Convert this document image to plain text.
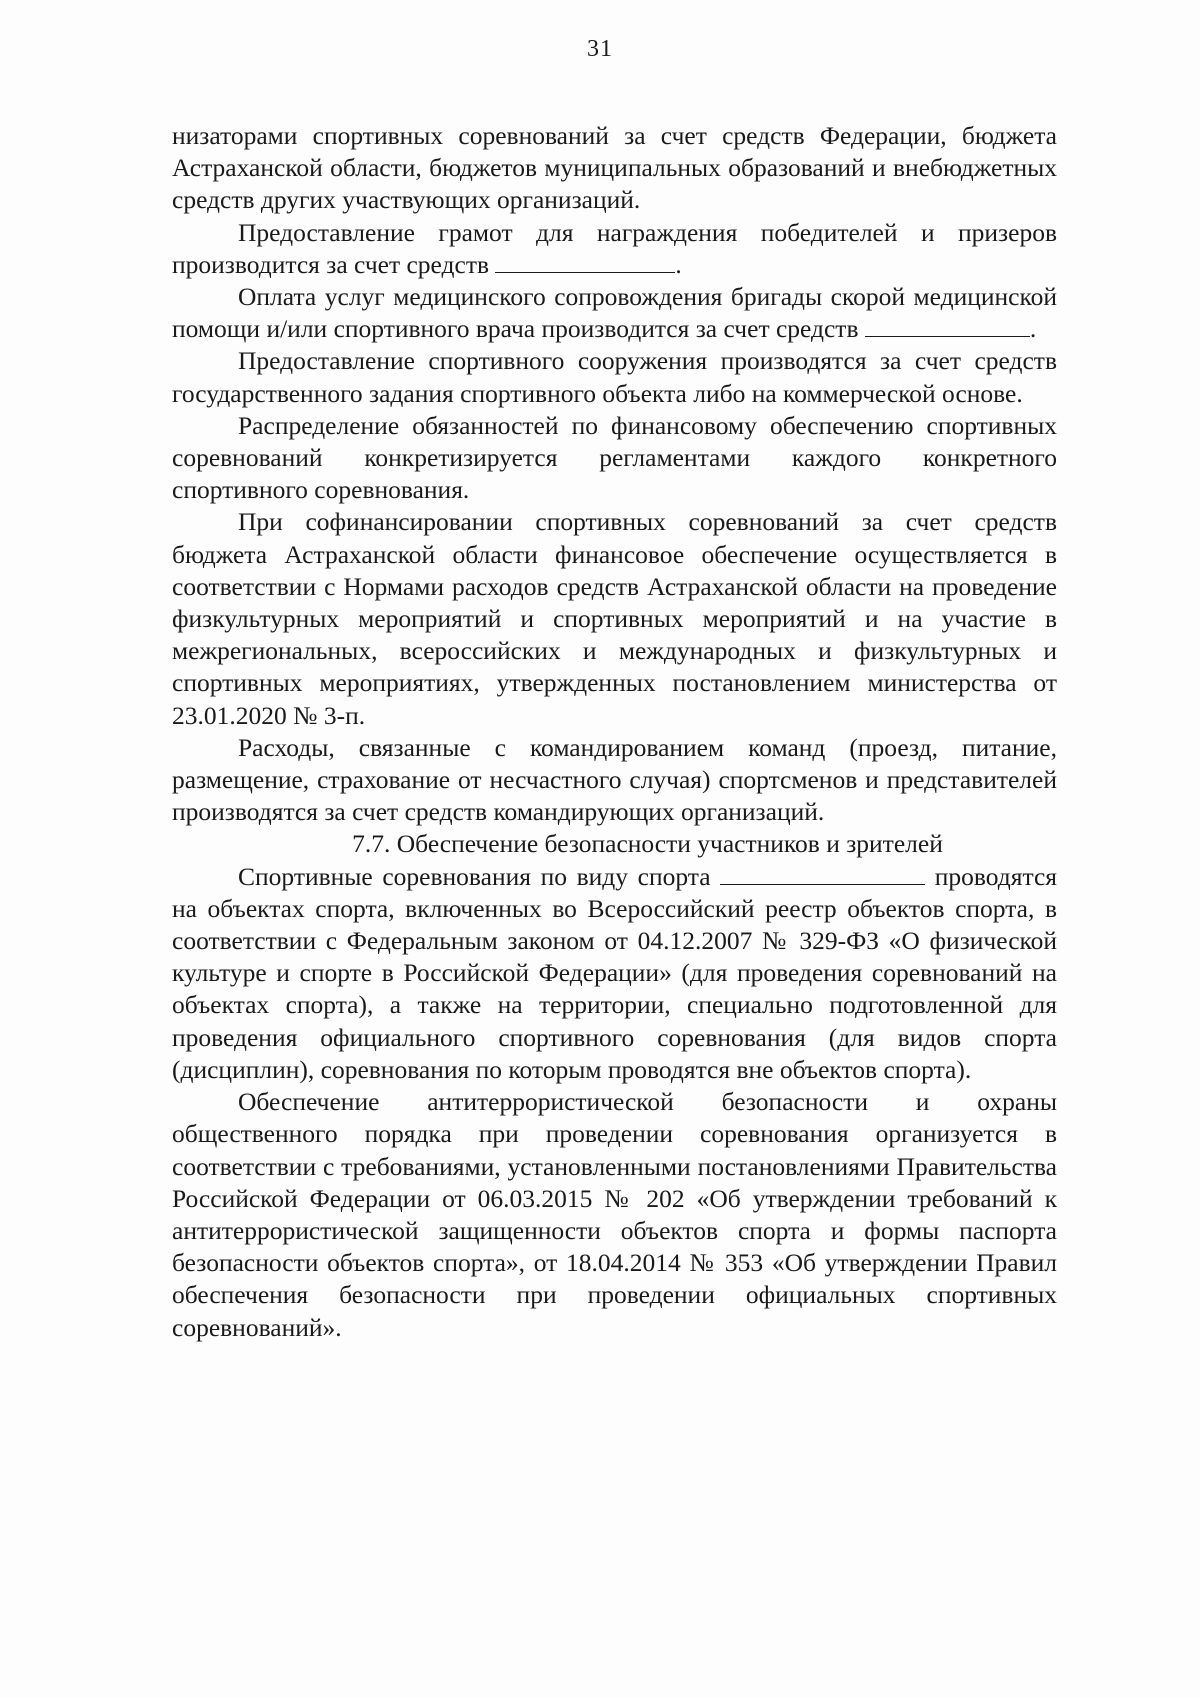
31

низаторами спортивных соревнований за счет средств Федерации, бюджета Астраханской области, бюджетов муниципальных образований и внебюджетных средств других участвующих организаций.

Предоставление грамот для награждения победителей и призеров производится за счет средств	.

Оплата услуг медицинского сопровождения бригады скорой медицинской помощи и/или спортивного врача производится за счет средств	.

Предоставление спортивного сооружения производятся за счет средств государственного задания спортивного объекта либо на коммерческой основе.

Распределение обязанностей по финансовому обеспечению спортивных соревнований конкретизируется регламентами каждого конкретного спортивного соревнования.

При софинансировании спортивных соревнований за счет средств бюджета Астраханской области финансовое обеспечение осуществляется в соответствии с Нормами расходов средств Астраханской области на проведение физкультурных мероприятий и спортивных мероприятий и на участие в межрегиональных, всероссийских и международных и физкультурных и спортивных мероприятиях, утвержденных постановлением министерства от 23.01.2020 № 3-п.

Расходы, связанные с командированием команд (проезд, питание, размещение, страхование от несчастного случая) спортсменов и представителей производятся за счет средств командирующих организаций.

7.7. Обеспечение безопасности участников и зрителей

Спортивные соревнования по виду спорта	проводятся на объектах спорта, включенных во Всероссийский реестр объектов спорта, в соответствии с Федеральным законом от 04.12.2007 № 329-ФЗ «О физической культуре и спорте в Российской Федерации» (для проведения соревнований на объектах спорта), а также на территории, специально подготовленной для проведения официального спортивного соревнования (для видов спорта (дисциплин), соревнования по которым проводятся вне объектов спорта).

Обеспечение антитеррористической безопасности и охраны общественного порядка при проведении соревнования организуется в соответствии с требованиями, установленными постановлениями Правительства Российской Федерации от 06.03.2015 № 202 «Об утверждении требований к антитеррористической защищенности объектов спорта и формы паспорта безопасности объектов спорта», от 18.04.2014 № 353 «Об утверждении Правил обеспечения безопасности при проведении официальных спортивных соревнований».
